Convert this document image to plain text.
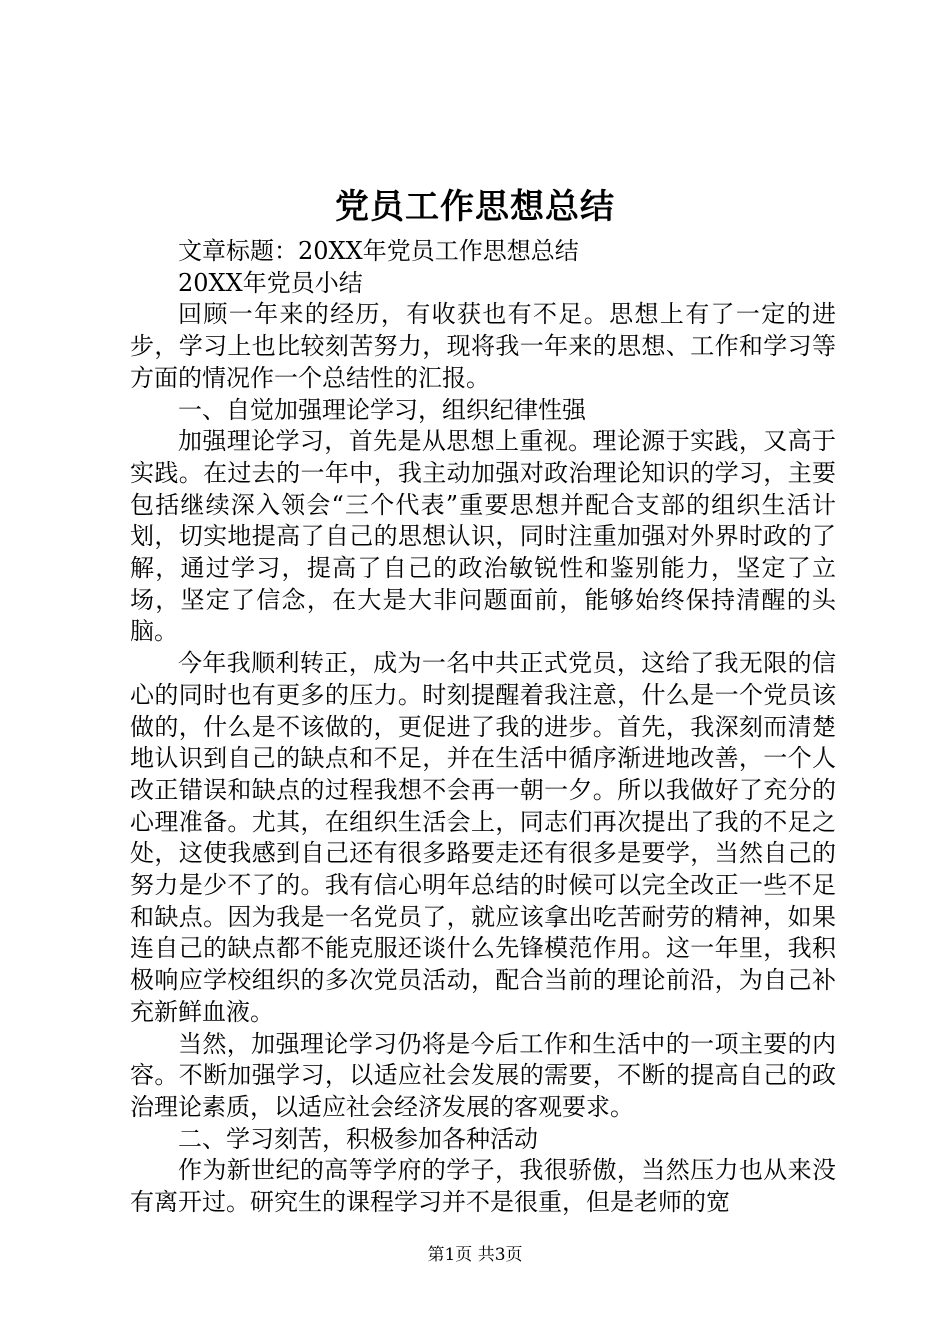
党员工作思想总结

文章标题：20XX年党员工作思想总结

20XX年党员小结

回顾一年来的经历，有收获也有不足。思想上有了一定的进步，学习上也比较刻苦努力，现将我一年来的思想、工作和学习等方面的情况作一个总结性的汇报。

一、自觉加强理论学习，组织纪律性强

加强理论学习，首先是从思想上重视。理论源于实践，又高于实践。在过去的一年中，我主动加强对政治理论知识的学习，主要包括继续深入领会“三个代表”重要思想并配合支部的组织生活计划，切实地提高了自己的思想认识，同时注重加强对外界时政的了解，通过学习，提高了自己的政治敏锐性和鉴别能力，坚定了立场，坚定了信念，在大是大非问题面前，能够始终保持清醒的头脑。

今年我顺利转正，成为一名中共正式党员，这给了我无限的信心的同时也有更多的压力。时刻提醒着我注意，什么是一个党员该做的，什么是不该做的，更促进了我的进步。首先，我深刻而清楚地认识到自己的缺点和不足，并在生活中循序渐进地改善，一个人改正错误和缺点的过程我想不会再一朝一夕。所以我做好了充分的心理准备。尤其，在组织生活会上，同志们再次提出了我的不足之处，这使我感到自己还有很多路要走还有很多是要学，当然自己的努力是少不了的。我有信心明年总结的时候可以完全改正一些不足和缺点。因为我是一名党员了，就应该拿出吃苦耐劳的精神，如果连自己的缺点都不能克服还谈什么先锋模范作用。这一年里，我积极响应学校组织的多次党员活动，配合当前的理论前沿，为自己补充新鲜血液。

当然，加强理论学习仍将是今后工作和生活中的一项主要的内容。不断加强学习，以适应社会发展的需要，不断的提高自己的政治理论素质，以适应社会经济发展的客观要求。

二、学习刻苦，积极参加各种活动

作为新世纪的高等学府的学子，我很骄傲，当然压力也从来没有离开过。研究生的课程学习并不是很重，但是老师的宽

第1页 共3页
